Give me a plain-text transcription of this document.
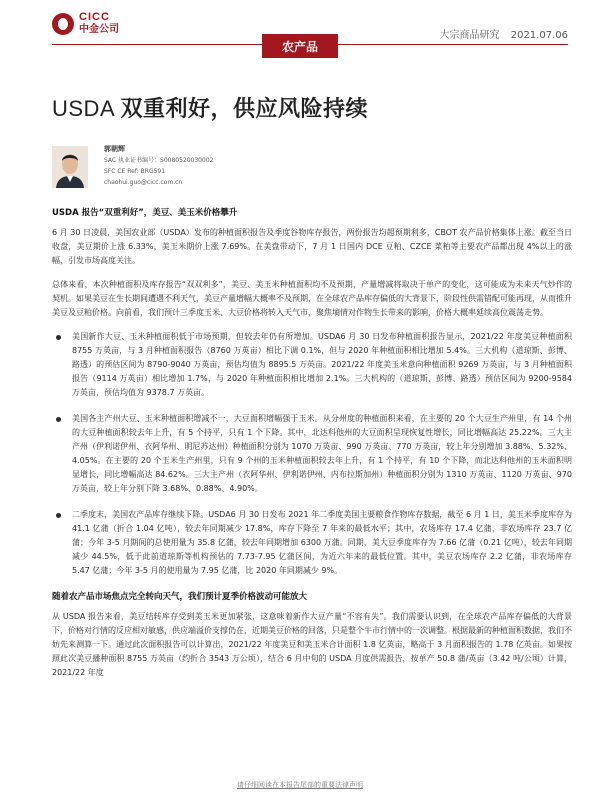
CICC
中金公司
大宗商品研究 2021.07.06
农产品
USDA 双重利好，供应风险持续
郭朝辉
SAC 执业证书编号：S0080520030002
SFC CE Ref: BRG591
chaohui.guo@cicc.com.cn
USDA 报告“双重利好”，美豆、美玉米价格攀升

6 月 30 日凌晨，美国农业部（USDA）发布的种植面积报告及季度谷物库存报告，两份报告均超预期利多，CBOT 农产品价格集体上涨。截至当日收盘，美豆期价上涨 6.33%，美玉米期价上涨 7.69%。在美盘带动下，7 月 1 日国内 DCE 豆粕、CZCE 菜粕等主要农产品都出现 4%以上的涨幅，引发市场高度关注。

总体来看，本次种植面积及库存报告“双双利多”，美豆、美玉米种植面积均不及预期，产量增减将取决于单产的变化，这可能成为未来天气炒作的契机。如果美豆在生长期间遭遇不利天气，美豆产量增幅大概率不及预期，在全球农产品库存偏低的大背景下，阶段性供需错配可能再现，从而推升美豆及豆粕价格。向前看，我们预计三季度玉米、大豆价格将转入天气市，聚焦墒情对作物生长带来的影响，价格大概率延续高位震荡走势。

美国新作大豆、玉米种植面积低于市场预期，但较去年仍有所增加。USDA6 月 30 日发布种植面积报告显示，2021/22 年度美豆种植面积 8755 万英亩，与 3 月种植面积报告（8760 万英亩）相比下调 0.1%，但与 2020 年种植面积相比增加 5.4%。三大机构（道琼斯、彭博、路透）的预估区间为 8790-9040 万英亩，预估均值为 8895.5 万英亩。2021/22 年度美玉米意向种植面积 9269 万英亩，与 3 月种植面积报告（9114 万英亩）相比增加 1.7%，与 2020 年种植面积相比增加 2.1%。三大机构的（道琼斯、彭博、路透）预估区间为 9200-9584 万英亩，预估均值为 9378.7 万英亩。
美国各主产州大豆、玉米种植面积增减不一，大豆面积增幅强于玉米。从分州度的种植面积来看，在主要的 20 个大豆生产州里，有 14 个州的大豆种植面积较去年上升，有 5 个持平，只有 1 个下降。其中，北达科他州的大豆面积呈现恢复性增长，同比增幅高达 25.22%。三大主产州（伊利诺伊州、衣阿华州、明尼苏达州）种植面积分别为 1070 万英亩、990 万英亩、770 万英亩，较上年分别增加 3.88%、5.32%、4.05%。在主要的 20 个玉米生产州里，只有 9 个州的玉米种植面积较去年上升，有 1 个持平，有 10 个下降，而北达科他州的玉米面积明显增长，同比增幅高达 84.62%。三大主产州（衣阿华州、伊利诺伊州、内布拉斯加州）种植面积分别为 1310 万英亩、1120 万英亩、970 万英亩，较上年分别下降 3.68%、0.88%、4.90%。
二季度末，美国农产品库存继续下降。USDA6 月 30 日发布 2021 年二季度美国主要粮食作物库存数据，截至 6 月 1 日，美玉米季度库存为 41.1 亿蒲（折合 1.04 亿吨），较去年同期减少 17.8%，库存下降至 7 年来的最低水平；其中，农场库存 17.4 亿蒲，非农场库存 23.7 亿蒲；今年 3-5 月期间的总使用量为 35.8 亿蒲，较去年同期增加 6300 万蒲。同期，美大豆季度库存为 7.66 亿蒲（0.21 亿吨），较去年同期减少 44.5%，低于此前道琼斯等机构预估的 7.73-7.95 亿蒲区间，为近六年来的最低位置。其中，美豆农场库存 2.2 亿蒲，非农场库存 5.47 亿蒲；今年 3-5 月的使用量为 7.95 亿蒲，比 2020 年同期减少 9%。
随着农产品市场焦点完全转向天气，我们预计夏季价格波动可能放大

从 USDA 报告来看，美豆结转库存受到美玉米更加紧张，这意味着新作大豆产量“不容有失”。我们需要认识到，在全球农产品库存偏低的大背景下，价格对行情的反应相对敏感，供应端溢价支撑仍在，近期美豆价格的回落，只是整个牛市行情中的一次调整。根据最新的种植面积数据，我们不妨先来测算一下。通过此次面积报告可以计算出，2021/22 年度美豆和美玉米合计面积 1.8 亿英亩，略高于 3 月面积报告的 1.78 亿英亩。如果按照此次美豆播种面积 8755 万英亩（约折合 3543 万公顷），结合 6 月中旬的 USDA 月度供需报告，按单产 50.8 蒲/英亩（3.42 吨/公顷）计算，2021/22 年度

请仔细阅读在本报告尾部的重要法律声明
